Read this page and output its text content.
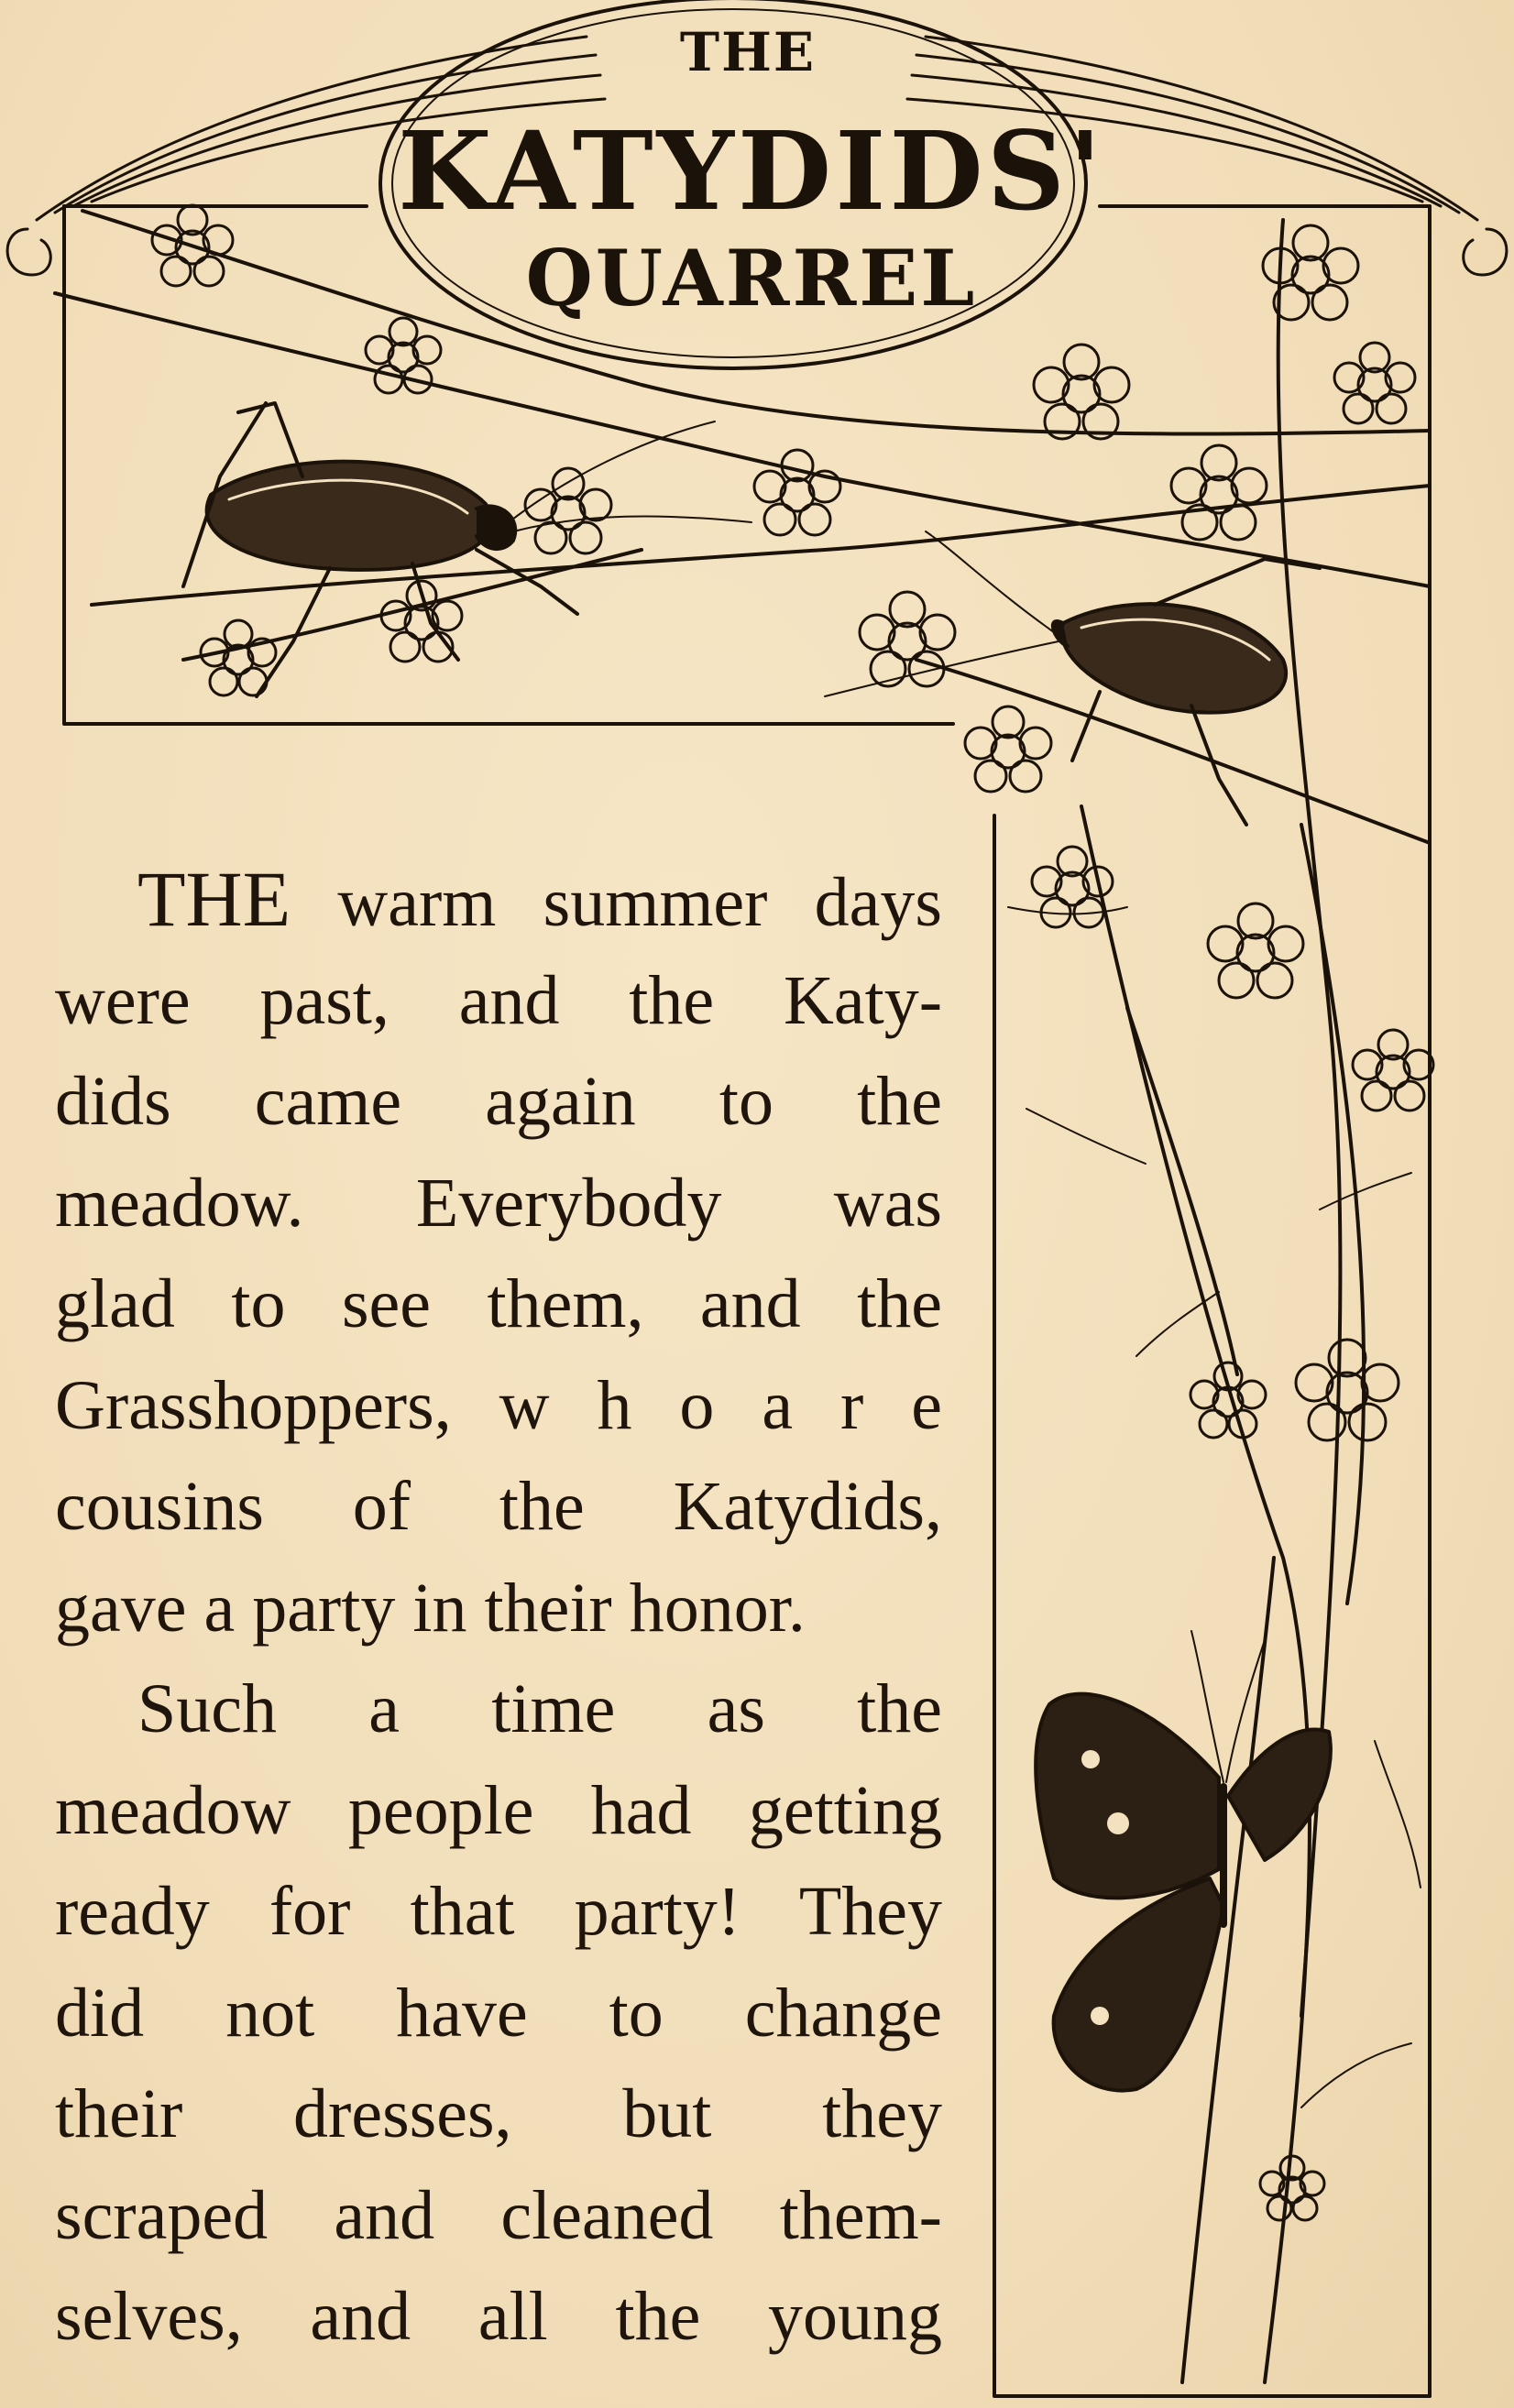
THE
KATYDIDS'
QUARREL
THE warm summer days
were past, and the Katy-
dids came again to the
meadow. Everybody was
glad to see them, and the
Grasshoppers, w h o a r e
cousins of the Katydids,
gave a party in their honor.
Such a time as the
meadow people had getting
ready for that party! They
did not have to change
their dresses, but they
scraped and cleaned them-
selves, and all the young
